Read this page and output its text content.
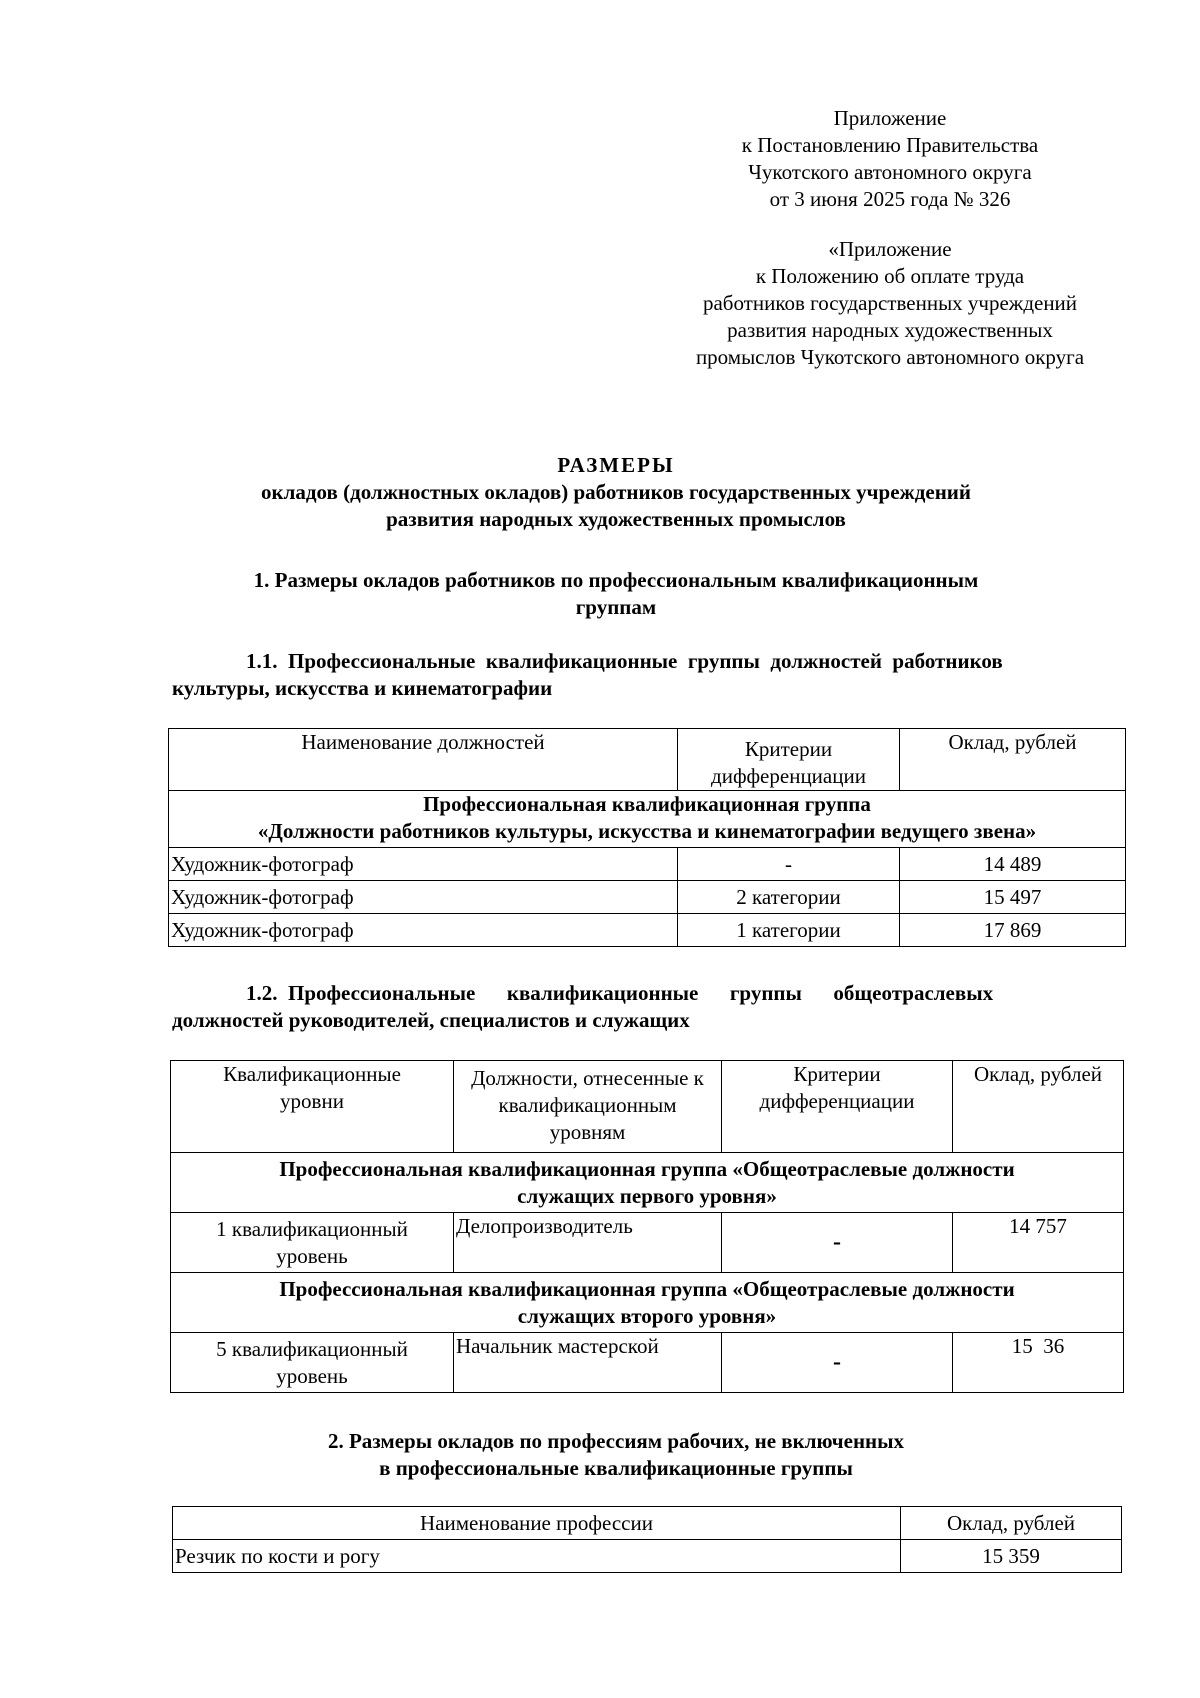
Приложение
к Постановлению Правительства
Чукотского автономного округа
от 3 июня 2025 года № 326
«Приложение
к Положению об оплате труда
работников государственных учреждений
развития народных художественных
промыслов Чукотского автономного округа
РАЗМЕРЫ
окладов (должностных окладов) работников государственных учреждений
развития народных художественных промыслов
1. Размеры окладов работников по профессиональным квалификационным
группам
1.1.  Профессиональные  квалификационные  группы  должностей  работников
культуры, искусства и кинематографии
Наименование должностей	Критерии дифференциации	Оклад, рублей

Профессиональная квалификационная группа
«Должности работников культуры, искусства и кинематографии ведущего звена»		

Художник-фотограф	-	14 489
Художник-фотограф	2 категории	15 497
Художник-фотограф	1 категории	17 869
1.2.  Профессиональные      квалификационные      группы      общеотраслевых
должностей руководителей, специалистов и служащих
Квалификационные уровни	Должности, отнесенные к квалификационным уровням	Критерии дифференциации	Оклад, рублей

Профессиональная квалификационная группа «Общеотраслевые должности
служащих первого уровня»			

1 квалификационный уровень	Делопроизводитель	-	14 757

Профессиональная квалификационная группа «Общеотраслевые должности
служащих второго уровня»			

5 квалификационный уровень	Начальник мастерской	-	15  36
2. Размеры окладов по профессиям рабочих, не включенных
в профессиональные квалификационные группы
Наименование профессии	Оклад, рублей
Резчик по кости и рогу	15 359
